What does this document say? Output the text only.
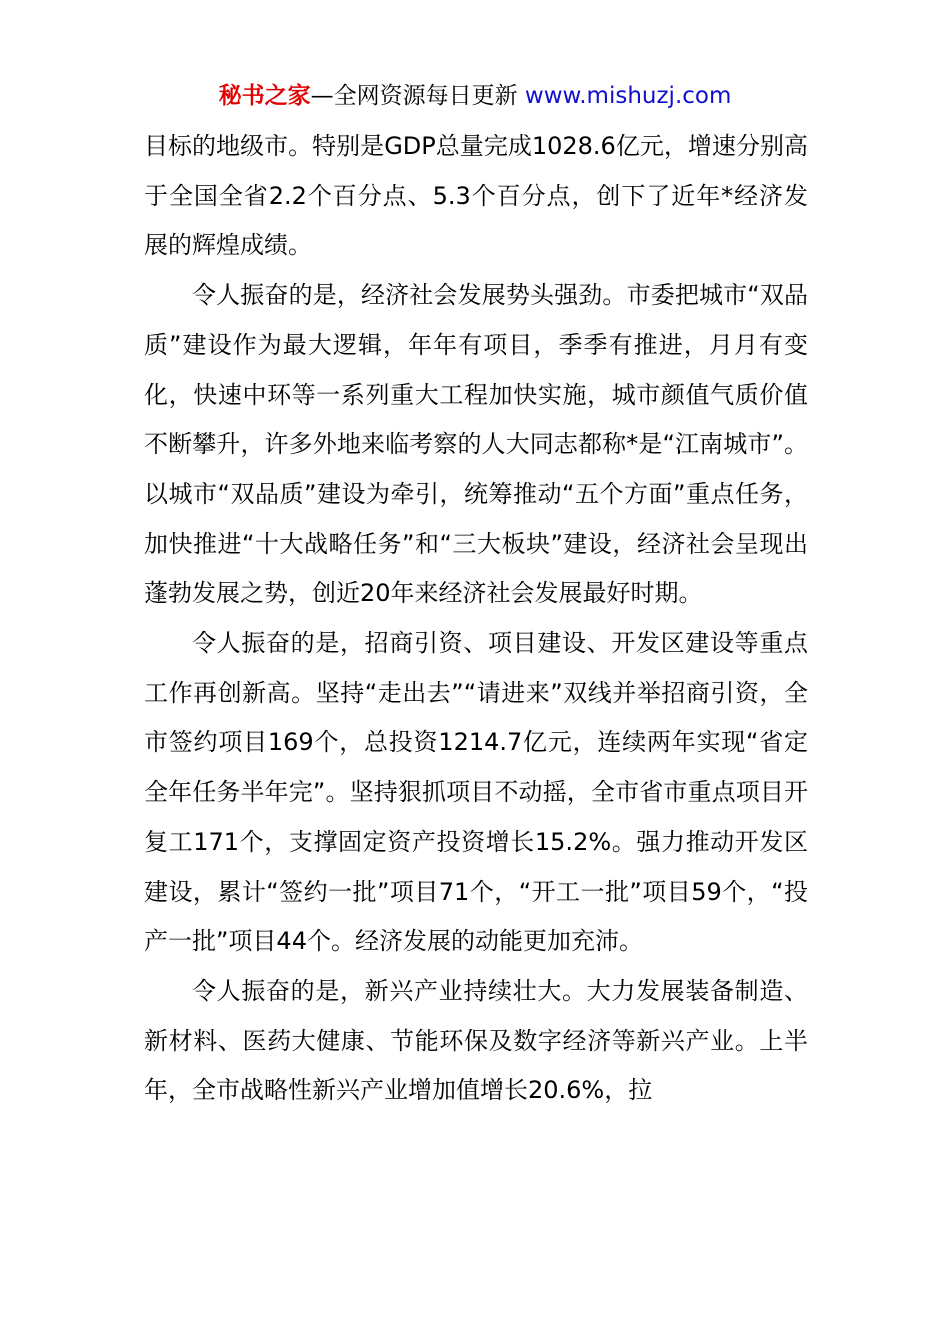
秘书之家—全网资源每日更新 www.mishuzj.com

目标的地级市。特别是GDP总量完成1028.6亿元，增速分别高于全国全省2.2个百分点、5.3个百分点，创下了近年*经济发展的辉煌成绩。

令人振奋的是，经济社会发展势头强劲。市委把城市“双品质”建设作为最大逻辑，年年有项目，季季有推进，月月有变化，快速中环等一系列重大工程加快实施，城市颜值气质价值不断攀升，许多外地来临考察的人大同志都称*是“江南城市”。以城市“双品质”建设为牵引，统筹推动“五个方面”重点任务，加快推进“十大战略任务”和“三大板块”建设，经济社会呈现出蓬勃发展之势，创近20年来经济社会发展最好时期。

令人振奋的是，招商引资、项目建设、开发区建设等重点工作再创新高。坚持“走出去”“请进来”双线并举招商引资，全市签约项目169个，总投资1214.7亿元，连续两年实现“省定全年任务半年完”。坚持狠抓项目不动摇，全市省市重点项目开复工171个，支撑固定资产投资增长15.2%。强力推动开发区建设，累计“签约一批”项目71个，“开工一批”项目59个，“投产一批”项目44个。经济发展的动能更加充沛。

令人振奋的是，新兴产业持续壮大。大力发展装备制造、新材料、医药大健康、节能环保及数字经济等新兴产业。上半年，全市战略性新兴产业增加值增长20.6%，拉
